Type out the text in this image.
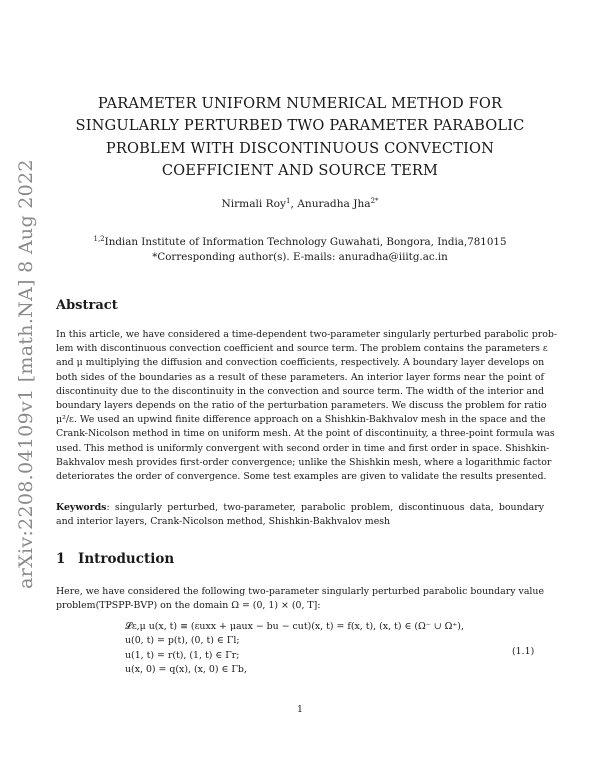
arXiv:2208.04109v1 [math.NA] 8 Aug 2022
PARAMETER UNIFORM NUMERICAL METHOD FOR
SINGULARLY PERTURBED TWO PARAMETER PARABOLIC
PROBLEM WITH DISCONTINUOUS CONVECTION
COEFFICIENT AND SOURCE TERM
Nirmali Roy$^1$, Anuradha Jha$^{2*}$
$^{1,2}$Indian Institute of Information Technology Guwahati, Bongora, India,781015
*Corresponding author(s). E-mails: anuradha@iiitg.ac.in
Abstract
In this article, we have considered a time-dependent two-parameter singularly perturbed parabolic prob-
lem with discontinuous convection coefficient and source term. The problem contains the parameters ε
and μ multiplying the diffusion and convection coefficients, respectively. A boundary layer develops on
both sides of the boundaries as a result of these parameters. An interior layer forms near the point of
discontinuity due to the discontinuity in the convection and source term. The width of the interior and
boundary layers depends on the ratio of the perturbation parameters. We discuss the problem for ratio
μ²/ε. We used an upwind finite difference approach on a Shishkin-Bakhvalov mesh in the space and the
Crank-Nicolson method in time on uniform mesh. At the point of discontinuity, a three-point formula was
used. This method is uniformly convergent with second order in time and first order in space. Shishkin-
Bakhvalov mesh provides first-order convergence; unlike the Shishkin mesh, where a logarithmic factor
deteriorates the order of convergence. Some test examples are given to validate the results presented.
Keywords: singularly perturbed, two-parameter, parabolic problem, discontinuous data, boundary
and interior layers, Crank-Nicolson method, Shishkin-Bakhvalov mesh
1 Introduction
Here, we have considered the following two-parameter singularly perturbed parabolic boundary value
problem(TPSPP-BVP) on the domain Ω = (0, 1) × (0, T]:
𝓛ε,μ u(x, t) ≡ (εuxx + μaux − bu − cut)(x, t) = f(x, t), (x, t) ∈ (Ω⁻ ∪ Ω⁺),
u(0, t) = p(t), (0, t) ∈ Γl;
u(1, t) = r(t), (1, t) ∈ Γr;
u(x, 0) = q(x), (x, 0) ∈ Γb,
(1.1)
1
